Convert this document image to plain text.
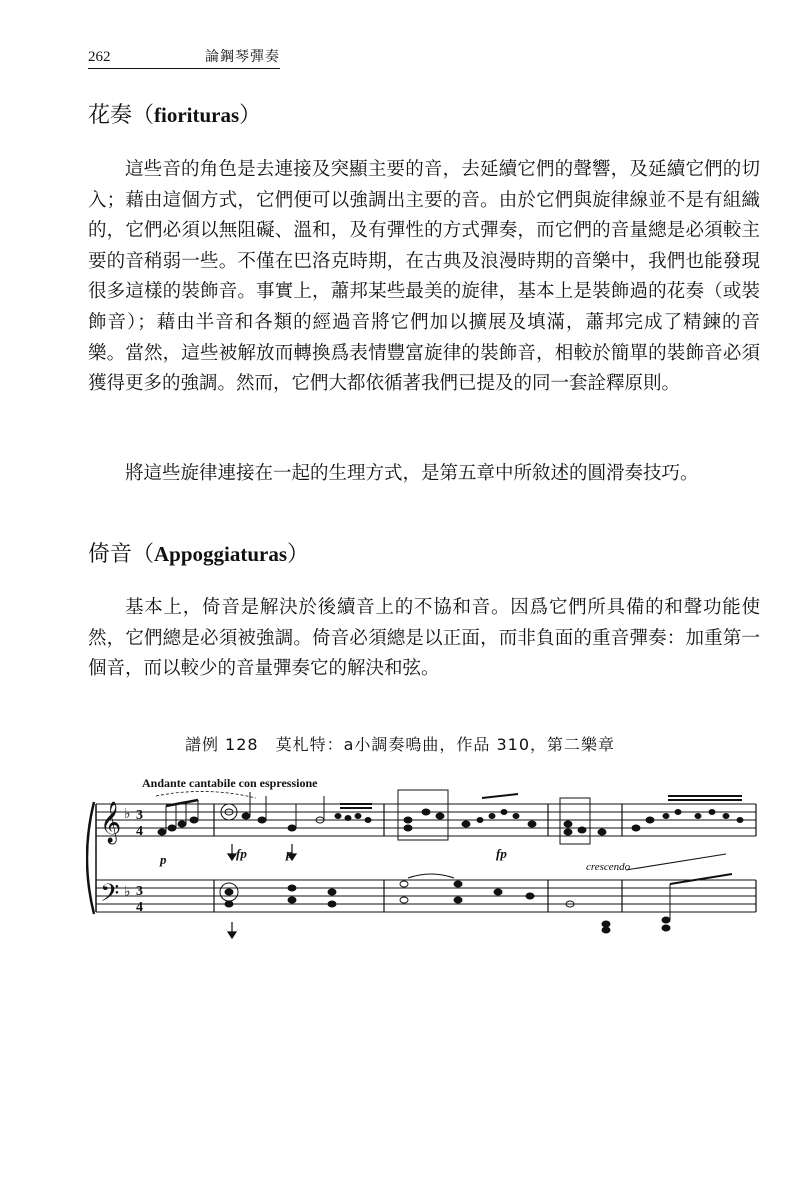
262	論鋼琴彈奏
花奏（fiorituras）

這些音的角色是去連接及突顯主要的音，去延續它們的聲響，及延續它們的切入；藉由這個方式，它們便可以強調出主要的音。由於它們與旋律線並不是有組織的，它們必須以無阻礙、溫和，及有彈性的方式彈奏，而它們的音量總是必須較主要的音稍弱一些。不僅在巴洛克時期，在古典及浪漫時期的音樂中，我們也能發現很多這樣的裝飾音。事實上，蕭邦某些最美的旋律，基本上是裝飾過的花奏（或裝飾音）；藉由半音和各類的經過音將它們加以擴展及填滿，蕭邦完成了精鍊的音樂。當然，這些被解放而轉換爲表情豐富旋律的裝飾音，相較於簡單的裝飾音必須獲得更多的強調。然而，它們大都依循著我們已提及的同一套詮釋原則。

將這些旋律連接在一起的生理方式，是第五章中所敘述的圓滑奏技巧。

倚音（Appoggiaturas）

基本上，倚音是解決於後續音上的不協和音。因爲它們所具備的和聲功能使然，它們總是必須被強調。倚音必須總是以正面，而非負面的重音彈奏：加重第一個音，而以較少的音量彈奏它的解決和弦。

譜例 128　莫札特：a小調奏鳴曲，作品 310，第二樂章
Andante cantabile con espressione
𝄞
𝄢
♭
♭
3
4
3
4
p	fp	fp
crescendo
